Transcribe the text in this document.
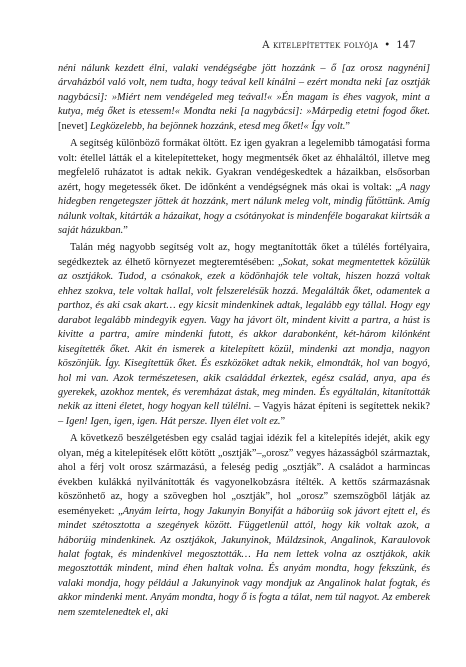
A kitelepítettek folyója • 147

néni nálunk kezdett élni, valaki vendégségbe jött hozzánk – ő [az orosz nagynéni] árvaházból való volt, nem tudta, hogy teával kell kínálni – ezért mondta neki [az osztják nagybácsi]: »Miért nem vendégeled meg teával!« »Én magam is éhes vagyok, mint a kutya, még őket is etessem!« Mondta neki [a nagybácsi]: »Márpedig etetni fogod őket. [nevet] Legközelebb, ha bejönnek hozzánk, etesd meg őket!« Így volt.”

A segítség különböző formákat öltött. Ez igen gyakran a legelemibb támogatási forma volt: étellel látták el a kitelepítetteket, hogy megmentsék őket az éhhaláltól, illetve meg megfelelő ruházatot is adtak nekik. Gyakran vendégeskedtek a házaikban, elsősorban azért, hogy megetessék őket. De időnként a vendégségnek más okai is voltak: „A nagy hidegben rengetegszer jöttek át hozzánk, mert nálunk meleg volt, mindig fűtöttünk. Amíg nálunk voltak, kitárták a házaikat, hogy a csótányokat is mindenféle bogarakat kiirtsák a saját házukban.”

Talán még nagyobb segítség volt az, hogy megtanították őket a túlélés fortélyaira, segédkeztek az élhető környezet megteremtésében: „Sokat, sokat megmentettek közülük az osztjákok. Tudod, a csónakok, ezek a ködönhajók tele voltak, hiszen hozzá voltak ehhez szokva, tele voltak hallal, volt felszerelésük hozzá. Megalálták őket, odamentek a parthoz, és aki csak akart… egy kicsit mindenkinek adtak, legalább egy tállal. Hogy egy darabot legalább mindegyik egyen. Vagy ha jávort ölt, mindent kivitt a partra, a húst is kivitte a partra, amíre mindenki futott, és akkor darabonként, két-három kilónként kisegítették őket. Akit én ismerek a kitelepített közül, mindenki azt mondja, nagyon köszönjük. Így. Kisegítettük őket. És eszközöket adtak nekik, elmondták, hol van bogyó, hol mi van. Azok természetesen, akik családdal érkeztek, egész család, anya, apa és gyerekek, azokhoz mentek, és veremházat ástak, meg minden. És egyáltalán, kitanították nekik az itteni életet, hogy hogyan kell túlélni. – Vagyis házat építeni is segítettek nekik? – Igen! Igen, igen, igen. Hát persze. Ilyen élet volt ez.”

A következő beszélgetésben egy család tagjai idézik fel a kitelepítés idejét, akik egy olyan, még a kitelepítések előtt kötött „osztják”–„orosz” vegyes házasságból származtak, ahol a férj volt orosz származású, a feleség pedig „osztják”. A családot a harmincas években kulákká nyilvánították és vagyonelkobzásra ítélték. A kettős származásnak köszönhető az, hogy a szövegben hol „osztják”, hol „orosz” szemszögből látják az eseményeket: „Anyám leírta, hogy Jakunyin Bonyifát a háborúig sok jávort ejtett el, és mindet szétosztotta a szegények között. Függetlenül attól, hogy kik voltak azok, a háborúig mindenkinek. Az osztjákok, Jakunyinok, Múldzsinok, Angalinok, Karaulovok halat fogtak, és mindenkivel megosztották… Ha nem lettek volna az osztjákok, akik megosztották mindent, mind éhen haltak volna. És anyám mondta, hogy fekszünk, és valaki mondja, hogy például a Jakunyinok vagy mondjuk az Angalinok halat fogtak, és akkor mindenki ment. Anyám mondta, hogy ő is fogta a tálat, nem túl nagyot. Az emberek nem szemtelenedtek el, aki
